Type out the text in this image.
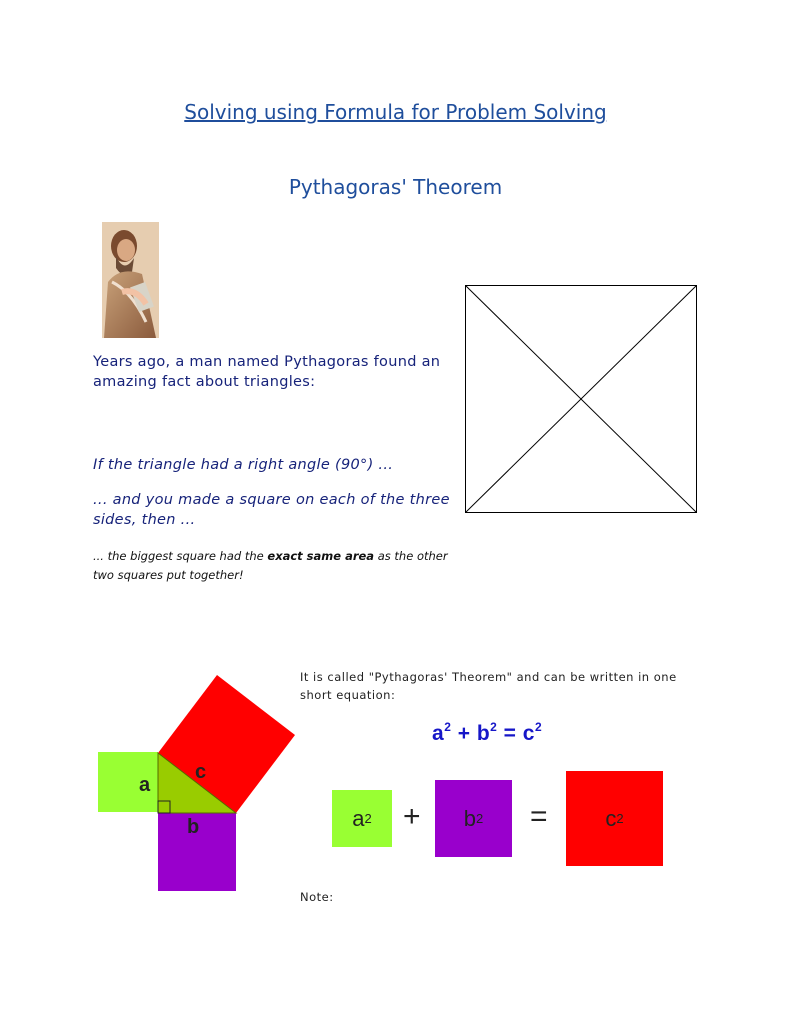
Solving using Formula for Problem Solving
Pythagoras' Theorem
Years ago, a man named Pythagoras found an amazing fact about triangles:
If the triangle had a right angle (90°) ...
... and you made a square on each of the three sides, then ...
... the biggest square had the exact same area as the other two squares put together!
a
c
b
It is called "Pythagoras' Theorem" and can be written in one short equation:
$a^2 + b^2 = c^2$
a 2 + b 2 =	c 2
Note:
